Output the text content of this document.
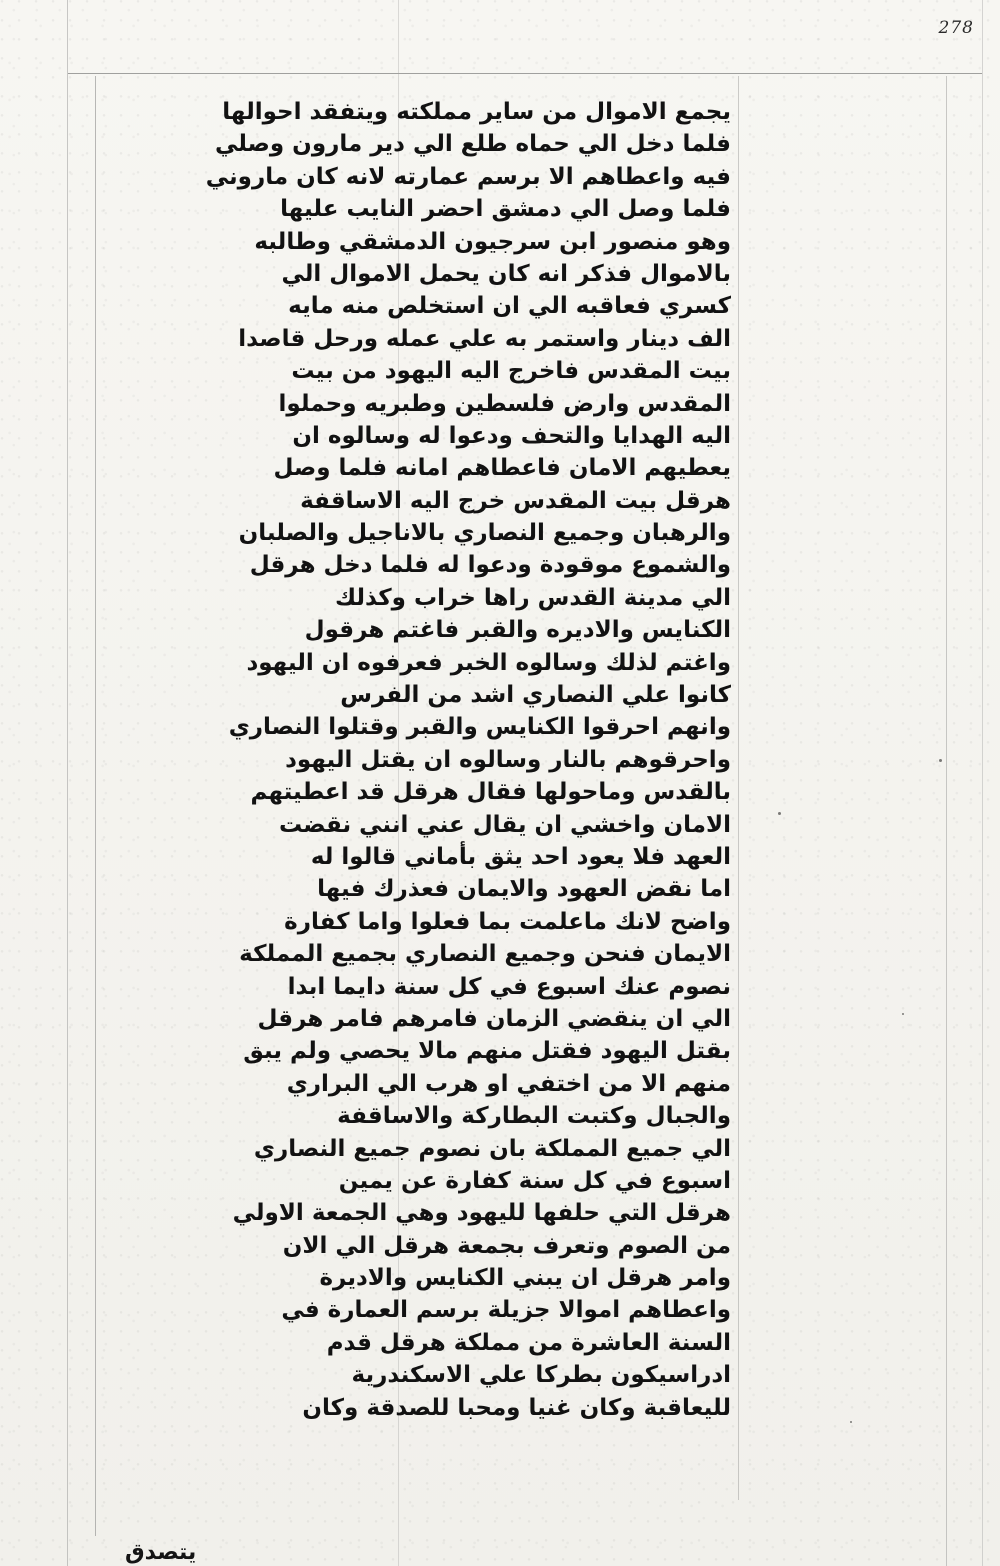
278
يجمع الاموال من ساير مملكته ويتفقد احوالها
فلما دخل الي حماه طلع الي دير مارون وصلي
فيه واعطاهم الا برسم عمارته لانه كان ماروني
فلما وصل الي دمشق احضر النايب عليها
وهو منصور ابن سرجيون الدمشقي وطالبه
بالاموال فذكر انه كان يحمل الاموال الي
كسري فعاقبه الي ان استخلص منه مايه
الف دينار واستمر به علي عمله ورحل قاصدا
بيت المقدس فاخرج اليه اليهود من بيت
المقدس وارض فلسطين وطبريه وحملوا
اليه الهدايا والتحف ودعوا له وسالوه ان
يعطيهم الامان فاعطاهم امانه فلما وصل
هرقل بيت المقدس خرج اليه الاساقفة
والرهبان وجميع النصاري بالاناجيل والصلبان
والشموع موقودة ودعوا له فلما دخل هرقل
الي مدينة القدس راها خراب وكذلك
الكنايس والاديره والقبر فاغتم هرقول
واغتم لذلك وسالوه الخبر فعرفوه ان اليهود
كانوا علي النصاري اشد من الفرس
وانهم احرقوا الكنايس والقبر وقتلوا النصاري
واحرقوهم بالنار وسالوه ان يقتل اليهود
بالقدس وماحولها فقال هرقل قد اعطيتهم
الامان واخشي ان يقال عني انني نقضت
العهد فلا يعود احد يثق بأماني قالوا له
اما نقض العهود والايمان فعذرك فيها
واضح لانك ماعلمت بما فعلوا واما كفارة
الايمان فنحن وجميع النصاري بجميع المملكة
نصوم عنك اسبوع في كل سنة دايما ابدا
الي ان ينقضي الزمان فامرهم فامر هرقل
بقتل اليهود فقتل منهم مالا يحصي ولم يبق
منهم الا من اختفي او هرب الي البراري
والجبال وكتبت البطاركة والاساقفة
الي جميع المملكة بان نصوم جميع النصاري
اسبوع في كل سنة كفارة عن يمين
هرقل التي حلفها لليهود وهي الجمعة الاولي
من الصوم وتعرف بجمعة هرقل الي الان
وامر هرقل ان يبني الكنايس والاديرة
واعطاهم اموالا جزيلة برسم العمارة في
السنة العاشرة من مملكة هرقل قدم
ادراسيكون بطركا علي الاسكندرية
لليعاقبة وكان غنيا ومحبا للصدقة وكان
يتصدق
